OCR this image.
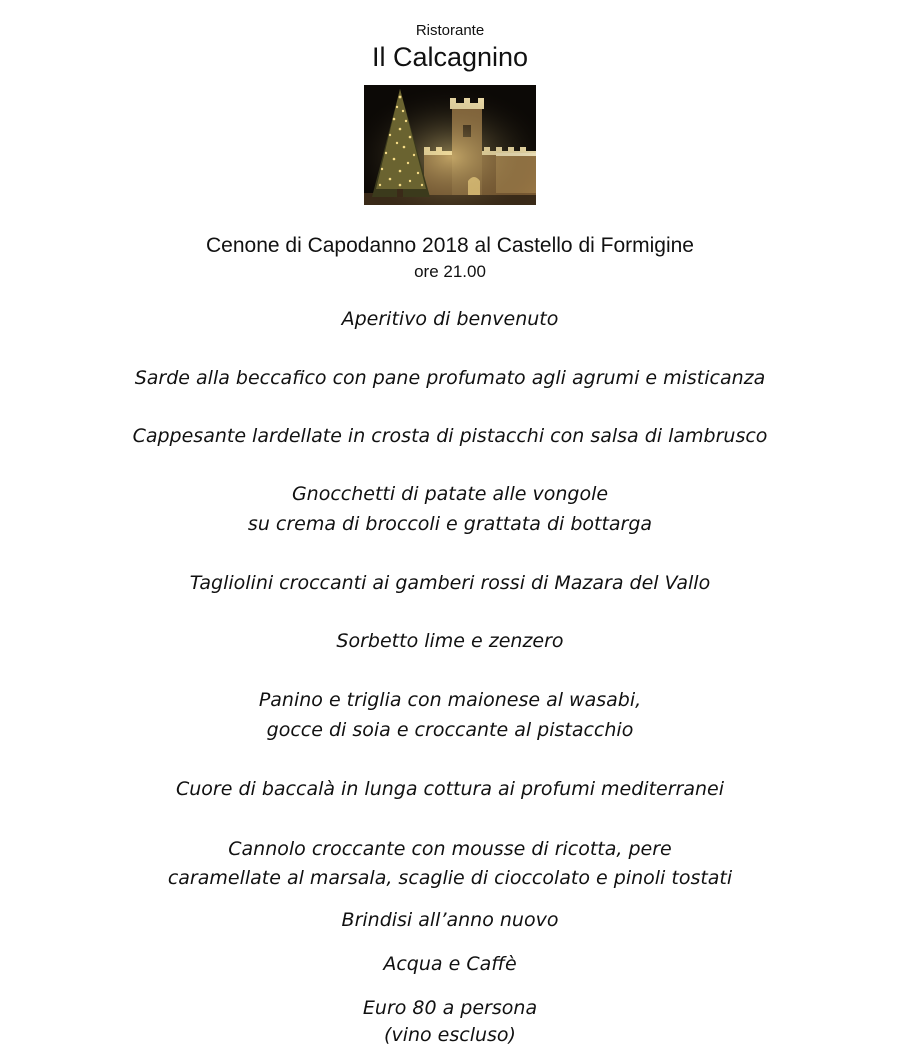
Ristorante
Il Calcagnino
Cenone di Capodanno 2018 al Castello di Formigine
ore 21.00
Aperitivo di benvenuto
Sarde alla beccafico con pane profumato agli agrumi e misticanza
Cappesante lardellate in crosta di pistacchi con salsa di lambrusco
Gnocchetti di patate alle vongole
su crema di broccoli e grattata di bottarga
Tagliolini croccanti ai gamberi rossi di Mazara del Vallo
Sorbetto lime e zenzero
Panino e triglia con maionese al wasabi,
gocce di soia e croccante al pistacchio
Cuore di baccalà in lunga cottura ai profumi mediterranei
Cannolo croccante con mousse di ricotta, pere
caramellate al marsala, scaglie di cioccolato e pinoli tostati
Brindisi all’anno nuovo
Acqua e Caffè
Euro 80 a persona
(vino escluso)
